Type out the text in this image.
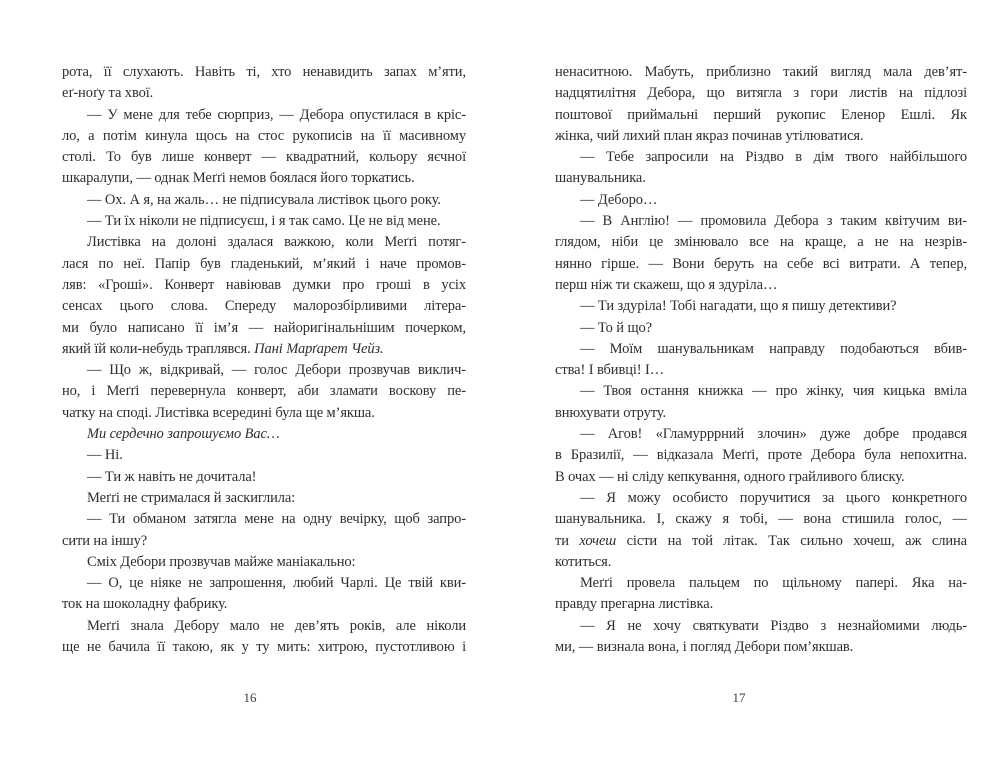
рота, її слухають. Навіть ті, хто ненавидить запах м’яти,
еґ-ноґу та хвої.
— У мене для тебе сюрприз, — Дебора опустилася в кріс-
ло, а потім кинула щось на стос рукописів на її масивному
столі. То був лише конверт — квадратний, кольору яєчної
шкаралупи, — однак Меґґі немов боялася його торкатись.
— Ох. А я, на жаль… не підписувала листівок цього року.
— Ти їх ніколи не підписуєш, і я так само. Це не від мене.
Листівка на долоні здалася важкою, коли Меґґі потяг-
лася по неї. Папір був гладенький, м’який і наче промов-
ляв: «Гроші». Конверт навіював думки про гроші в усіх
сенсах цього слова. Спереду малорозбірливими літера-
ми було написано її ім’я — найоригінальнішим почерком,
який їй коли-небудь траплявся. Пані Марґарет Чейз.
— Що ж, відкривай, — голос Дебори прозвучав виклич-
но, і Меґґі перевернула конверт, аби зламати воскову пе-
чатку на споді. Листівка всередині була ще м’якша.
Ми сердечно запрошуємо Вас…
— Ні.
— Ти ж навіть не дочитала!
Меґґі не стрималася й заскиглила:
— Ти обманом затягла мене на одну вечірку, щоб запро-
сити на іншу?
Сміх Дебори прозвучав майже маніакально:
— О, це ніяке не запрошення, любий Чарлі. Це твій кви-
ток на шоколадну фабрику.
Меґґі знала Дебору мало не дев’ять років, але ніколи
ще не бачила її такою, як у ту мить: хитрою, пустотливою і
16
ненаситною. Мабуть, приблизно такий вигляд мала дев’ят-
надцятилітня Дебора, що витягла з гори листів на підлозі
поштової приймальні перший рукопис Еленор Ешлі. Як
жінка, чий лихий план якраз починав утілюватися.
— Тебе запросили на Різдво в дім твого найбільшого
шанувальника.
— Деборо…
— В Англію! — промовила Дебора з таким квітучим ви-
глядом, ніби це змінювало все на краще, а не на незрів-
нянно гірше. — Вони беруть на себе всі витрати. А тепер,
перш ніж ти скажеш, що я здуріла…
— Ти здуріла! Тобі нагадати, що я пишу детективи?
— То й що?
— Моїм шанувальникам направду подобаються вбив-
ства! І вбивці! І…
— Твоя остання книжка — про жінку, чия кицька вміла
внюхувати отруту.
— Агов! «Гламурррний злочин» дуже добре продався
в Бразилії, — відказала Меґґі, проте Дебора була непохитна.
В очах — ні сліду кепкування, одного грайливого блиску.
— Я можу особисто поручитися за цього конкретного
шанувальника. І, скажу я тобі, — вона стишила голос, —
ти хочеш сісти на той літак. Так сильно хочеш, аж слина
котиться.
Меґґі провела пальцем по щільному папері. Яка на-
правду прегарна листівка.
— Я не хочу святкувати Різдво з незнайомими людь-
ми, — визнала вона, і погляд Дебори пом’якшав.
17
